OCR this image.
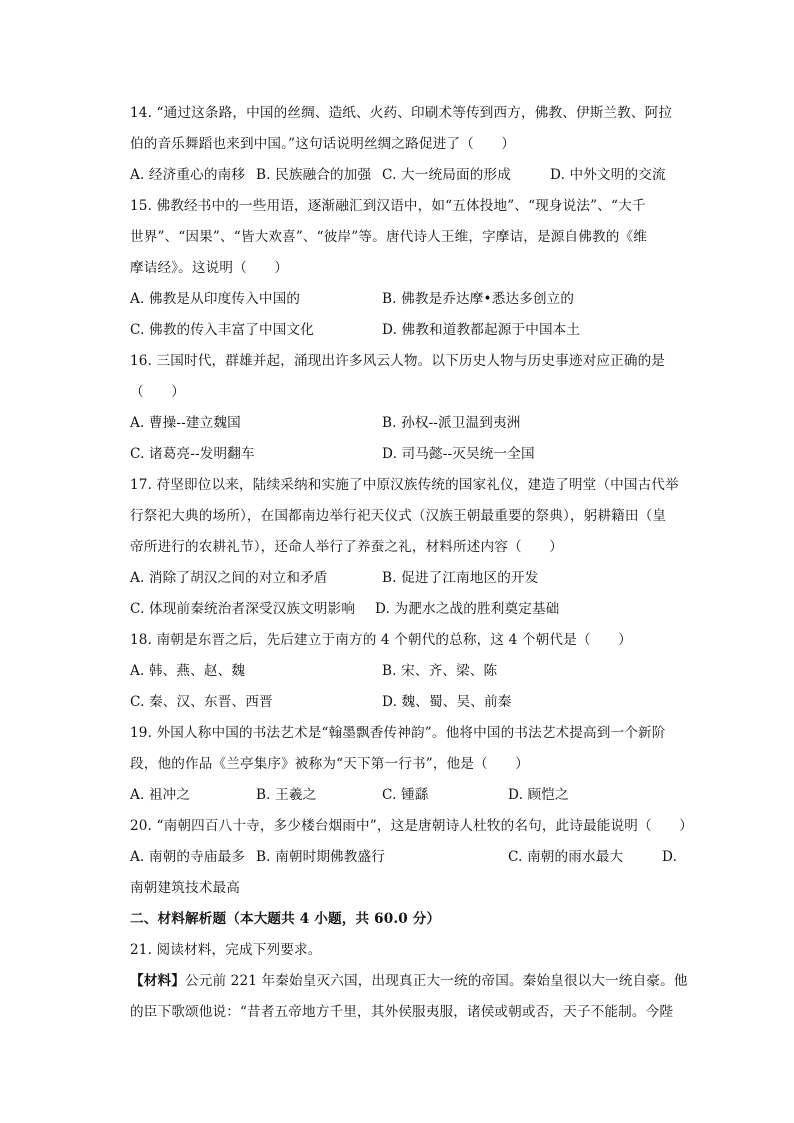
14. “通过这条路，中国的丝绸、造纸、火药、印刷术等传到西方，佛教、伊斯兰教、阿拉
伯的音乐舞蹈也来到中国。”这句话说明丝绸之路促进了（　　）
A. 经济重心的南移 B. 民族融合的加强 C. 大一统局面的形成	D. 中外文明的交流
15. 佛教经书中的一些用语，逐渐融汇到汉语中，如“五体投地”、“现身说法”、“大千
世界”、“因果”、“皆大欢喜”、“彼岸”等。唐代诗人王维，字摩诘，是源自佛教的《维
摩诘经》。这说明（　　）
A. 佛教是从印度传入中国的	B. 佛教是乔达摩•悉达多创立的
C. 佛教的传入丰富了中国文化	D. 佛教和道教都起源于中国本土
16. 三国时代，群雄并起，涌现出许多风云人物。以下历史人物与历史事迹对应正确的是
（　　）
A. 曹操--建立魏国	B. 孙权--派卫温到夷洲
C. 诸葛亮--发明翻车	D. 司马懿--灭吴统一全国
17. 苻坚即位以来，陆续采纳和实施了中原汉族传统的国家礼仪，建造了明堂（中国古代举
行祭祀大典的场所），在国都南边举行祀天仪式（汉族王朝最重要的祭典），躬耕籍田（皇
帝所进行的农耕礼节），还命人举行了养蚕之礼，材料所述内容（　　）
A. 消除了胡汉之间的对立和矛盾	B. 促进了江南地区的开发
C. 体现前秦统治者深受汉族文明影响 D. 为淝水之战的胜利奠定基础
18. 南朝是东晋之后，先后建立于南方的 4 个朝代的总称，这 4 个朝代是（　　）
A. 韩、燕、赵、魏	B. 宋、齐、梁、陈
C. 秦、汉、东晋、西晋	D. 魏、蜀、吴、前秦
19. 外国人称中国的书法艺术是“翰墨飘香传神韵”。他将中国的书法艺术提高到一个新阶
段，他的作品《兰亭集序》被称为“天下第一行书”，他是（　　）
A. 祖冲之	B. 王羲之	C. 锺繇	D. 顾恺之
20. “南朝四百八十寺，多少楼台烟雨中”，这是唐朝诗人杜牧的名句，此诗最能说明（　　）
A. 南朝的寺庙最多 B. 南朝时期佛教盛行	C. 南朝的雨水最大	D.
南朝建筑技术最高
二、材料解析题（本大题共 4 小题，共 60.0 分）
21. 阅读材料，完成下列要求。
【材料】公元前 221 年秦始皇灭六国，出现真正大一统的帝国。秦始皇很以大一统自豪。他
的臣下歌颂他说：“昔者五帝地方千里，其外侯服夷服，诸侯或朝或否，天子不能制。今陛
